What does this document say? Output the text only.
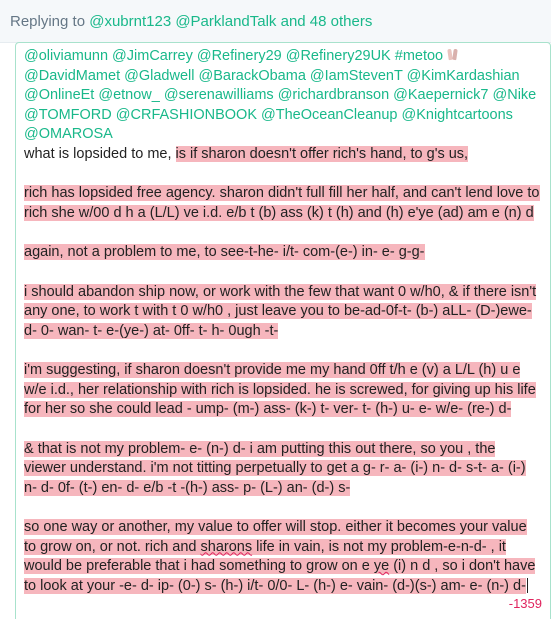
Replying to @xubrnt123 @ParklandTalk and 48 others
@oliviamunn @JimCarrey @Refinery29 @Refinery29UK #metoo
@DavidMamet @Gladwell @BarackObama @IamStevenT @KimKardashian
@OnlineEt @etnow_ @serenawilliams @richardbranson @Kaepernick7 @Nike
@TOMFORD @CRFASHIONBOOK @TheOceanCleanup @Knightcartoons
@OMAROSA
what is lopsided to me, is if sharon doesn't offer rich's hand, to g's us,
rich has lopsided free agency. sharon didn't full fill her half, and can't lend love to
rich she w/00 d h a (L/L) ve i.d. e/b t (b) ass (k) t (h) and (h) e'ye (ad) am e (n) d
again, not a problem to me, to see-t-he- i/t- com-(e-) in- e- g-g-
i should abandon ship now, or work with the few that want 0 w/h0, & if there isn't
any one, to work t with t 0 w/h0 , just leave you to be-ad-0f-t- (b-) aLL- (D-)ewe-
d- 0- wan- t- e-(ye-) at- 0ff- t- h- 0ugh -t-
i'm suggesting, if sharon doesn't provide me my hand 0ff t/h e (v) a L/L (h) u e
w/e i.d., her relationship with rich is lopsided. he is screwed, for giving up his life
for her so she could lead - ump- (m-) ass- (k-) t- ver- t- (h-) u- e- w/e- (re-) d-
& that is not my problem- e- (n-) d- i am putting this out there, so you , the
viewer understand. i'm not titting perpetually to get a g- r- a- (i-) n- d- s-t- a- (i-)
n- d- 0f- (t-) en- d- e/b -t -(h-) ass- p- (L-) an- (d-) s-
so one way or another, my value to offer will stop. either it becomes your value
to grow on, or not. rich and sharons life in vain, is not my problem-e-n-d- , it
would be preferable that i had something to grow on e ye (i) n d , so i don't have
to look at your -e- d- ip- (0-) s- (h-) i/t- 0/0- L- (h-) e- vain- (d-)(s-) am- e- (n-) d-
-1359
